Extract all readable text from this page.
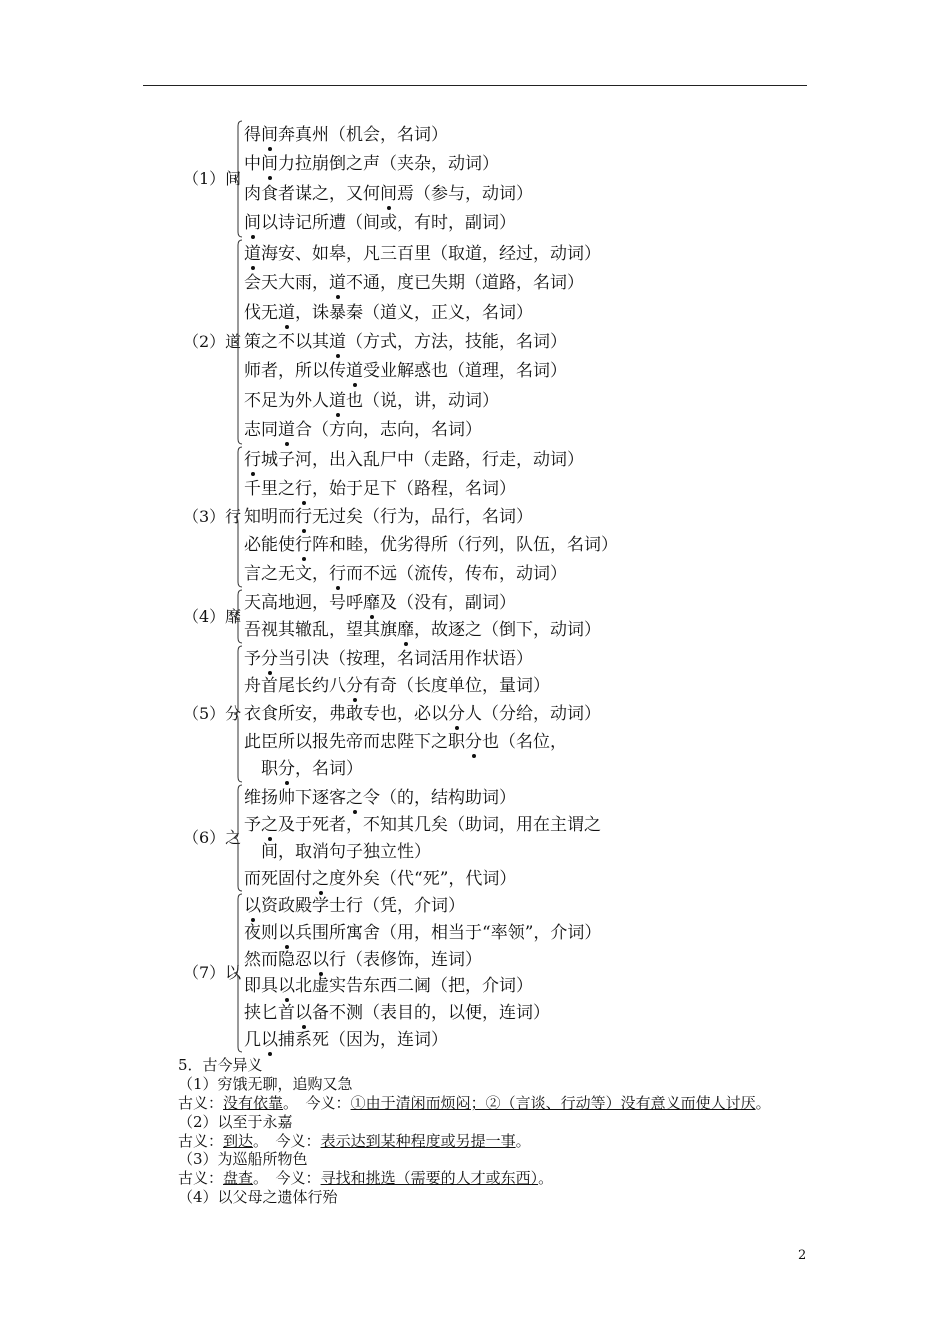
（1）间
得间奔真州（机会，名词）
中间力拉崩倒之声（夹杂，动词）
肉食者谋之，又何间焉（参与，动词）
间以诗记所遭（间或，有时，副词）
（2）道
道海安、如皋，凡三百里（取道，经过，动词）
会天大雨，道不通，度已失期（道路，名词）
伐无道，诛暴秦（道义，正义，名词）
策之不以其道（方式，方法，技能，名词）
师者，所以传道受业解惑也（道理，名词）
不足为外人道也（说，讲，动词）
志同道合（方向，志向，名词）
（3）行
行城子河，出入乱尸中（走路，行走，动词）
千里之行，始于足下（路程，名词）
知明而行无过矣（行为，品行，名词）
必能使行阵和睦，优劣得所（行列，队伍，名词）
言之无文，行而不远（流传，传布，动词）
（4）靡
天高地迥，号呼靡及（没有，副词）
吾视其辙乱，望其旗靡，故逐之（倒下，动词）
（5）分
予分当引决（按理，名词活用作状语）
舟首尾长约八分有奇（长度单位，量词）
衣食所安，弗敢专也，必以分人（分给，动词）
此臣所以报先帝而忠陛下之职分也（名位，
　职分，名词）
（6）之
维扬帅下逐客之令（的，结构助词）
予之及于死者，不知其几矣（助词，用在主谓之
　间，取消句子独立性）
而死固付之度外矣（代“死”，代词）
（7）以
以资政殿学士行（凭，介词）
夜则以兵围所寓舍（用，相当于“率领”，介词）
然而隐忍以行（表修饰，连词）
即具以北虚实告东西二阃（把，介词）
挟匕首以备不测（表目的，以便，连词）
几以捕系死（因为，连词）
5．古今异义
（1）穷饿无聊，追购又急
古义：没有依靠。　今义：①由于清闲而烦闷；②（言谈、行动等）没有意义而使人讨厌。
（2）以至于永嘉
古义：到达。　今义：表示达到某种程度或另提一事。
（3）为巡船所物色
古义：盘查。　今义：寻找和挑选（需要的人才或东西）。
（4）以父母之遗体行殆
2
